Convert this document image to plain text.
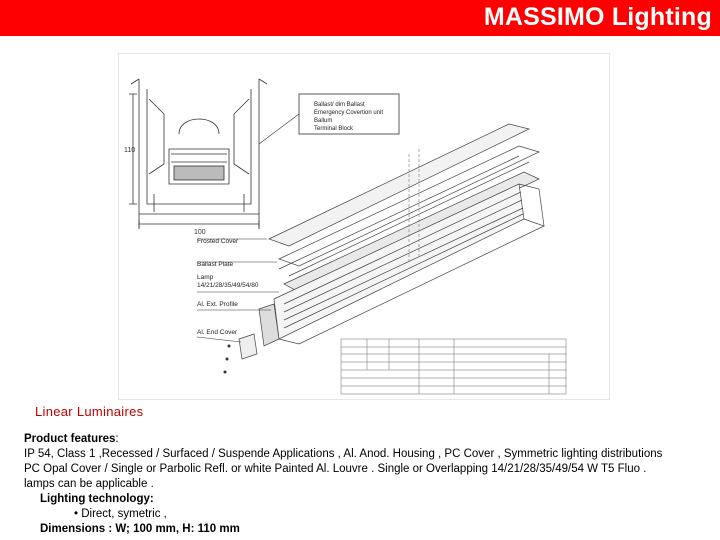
MASSIMO Lighting
110
100
Ballast/ dim Ballast
Emergency Covertion unit
Ballum
Terminal Block
Frosted Cover
Ballast Plate
Lamp
14/21/28/35/49/54/80
Al. Ext. Profile
Al. End Cover
Linear Luminaires
Product features:
IP 54, Class 1 ,Recessed / Surfaced / Suspende Applications , Al. Anod. Housing , PC Cover , Symmetric lighting distributions
PC Opal Cover / Single or Parbolic Refl. or white Painted Al. Louvre . Single or Overlapping 14/21/28/35/49/54 W T5 Fluo .
lamps can be applicable .
Lighting technology:
• Direct, symetric ,
Dimensions : W; 100 mm, H: 110 mm
